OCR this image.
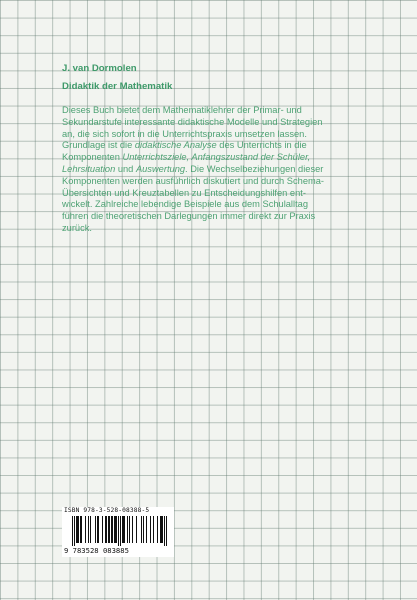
J. van Dormolen
Didaktik der Mathematik

Dieses Buch bietet dem Mathematiklehrer der Primar- und

Sekundarstufe interessante didaktische Modelle und Strategien

an, die sich sofort in die Unterrichtspraxis umsetzen lassen.

Grundlage ist die didaktische Analyse des Unterrichts in die

Komponenten Unterrichtsziele, Anfangszustand der Schüler,

Lehrsituation und Auswertung. Die Wechselbeziehungen dieser

Komponenten werden ausführlich diskutiert und durch Schema-

Übersichten und Kreuztabellen zu Entscheidungshilfen ent-

wickelt. Zahlreiche lebendige Beispiele aus dem Schulalltag

führen die theoretischen Darlegungen immer direkt zur Praxis

zurück.

ISBN 978-3-528-08388-5
9 783528 083885
